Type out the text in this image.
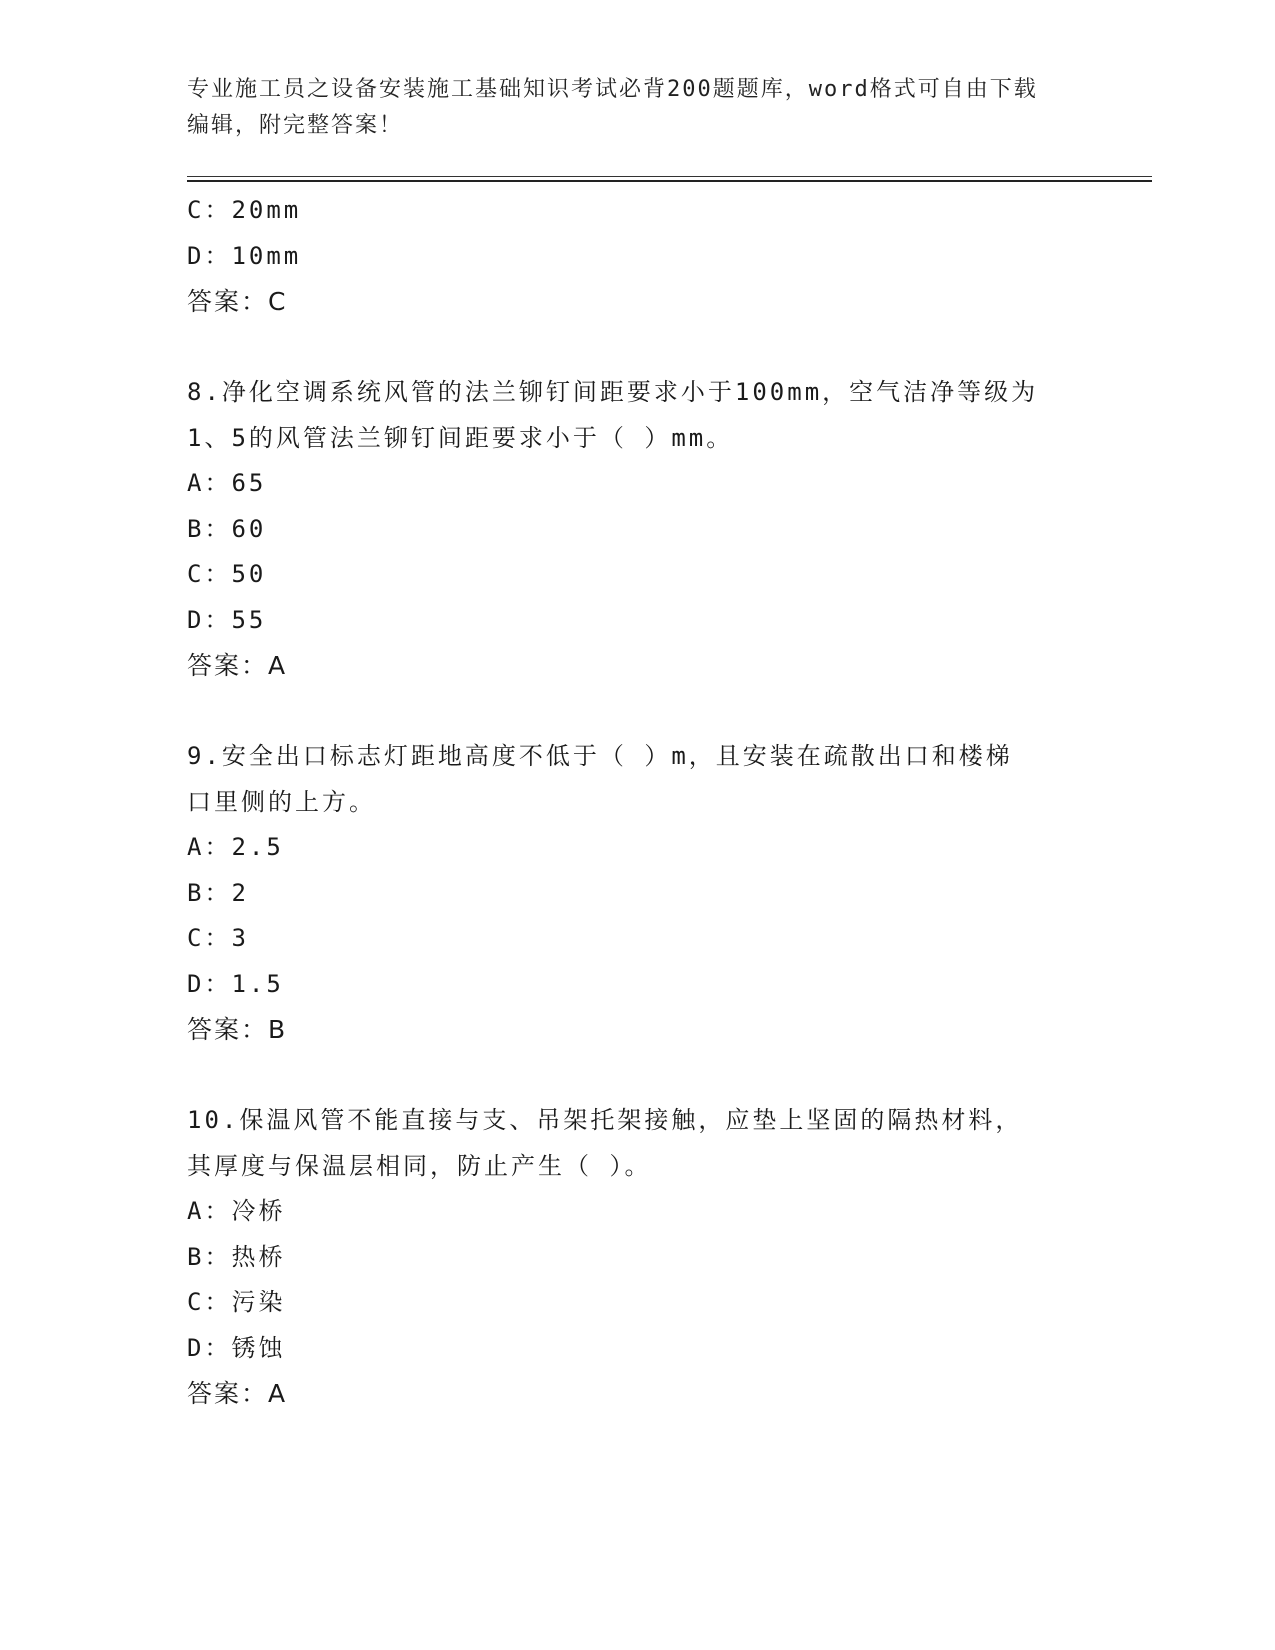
专业施工员之设备安装施工基础知识考试必背200题题库，word格式可自由下载
编辑，附完整答案！
C：20mm
D：10mm
答案：C
8.净化空调系统风管的法兰铆钉间距要求小于100mm，空气洁净等级为
1、5的风管法兰铆钉间距要求小于（ ）mm。
A：65
B：60
C：50
D：55
答案：A
9.安全出口标志灯距地高度不低于（ ）m，且安装在疏散出口和楼梯
口里侧的上方。
A：2.5
B：2
C：3
D：1.5
答案：B
10.保温风管不能直接与支、吊架托架接触，应垫上坚固的隔热材料，
其厚度与保温层相同，防止产生（ ）。
A：冷桥
B：热桥
C：污染
D：锈蚀
答案：A
